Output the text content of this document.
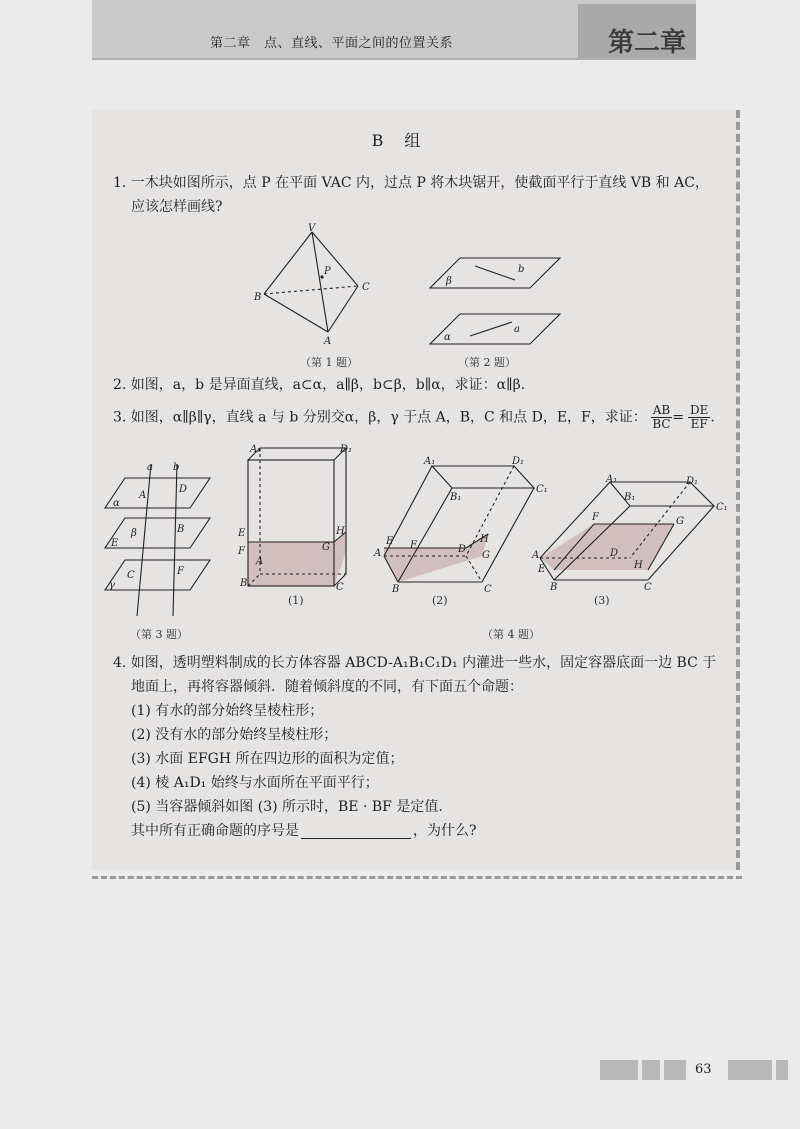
第二章　点、直线、平面之间的位置关系	第二章
B 组
1. 一木块如图所示，点 P 在平面 VAC 内，过点 P 将木块锯开，使截面平行于直线 VB 和 AC，
应该怎样画线?
V
P
B
C
A
（第 1 题）
β
b
α
a
（第 2 题）
2. 如图，a，b 是异面直线，a⊂α，a∥β，b⊂β，b∥α，求证：α∥β.
3. 如图，α∥β∥γ，直线 a 与 b 分别交α，β，γ 于点 A，B，C 和点 D，E，F，求证： $\frac{AB}{BC} = \frac{DE}{EF}$ .
a b
A
D
α
β	B
E
C	F
γ
（第 3 题）
A₁	D₁
E	H
F	G
A
B	C
(1)
A₁	D₁
B₁
C₁
E
A
F	D
H
G
B	C
(2)
A₁	D₁
B₁
C₁
F	G
A
E
D
H
B	C
(3)
（第 4 题）
4. 如图，透明塑料制成的长方体容器 ABCD-A₁B₁C₁D₁ 内灌进一些水，固定容器底面一边 BC 于
地面上，再将容器倾斜．随着倾斜度的不同，有下面五个命题：
(1) 有水的部分始终呈棱柱形；
(2) 没有水的部分始终呈棱柱形；
(3) 水面 EFGH 所在四边形的面积为定值；
(4) 棱 A₁D₁ 始终与水面所在平面平行；
(5) 当容器倾斜如图 (3) 所示时，BE · BF 是定值.
其中所有正确命题的序号是	，为什么?
63
